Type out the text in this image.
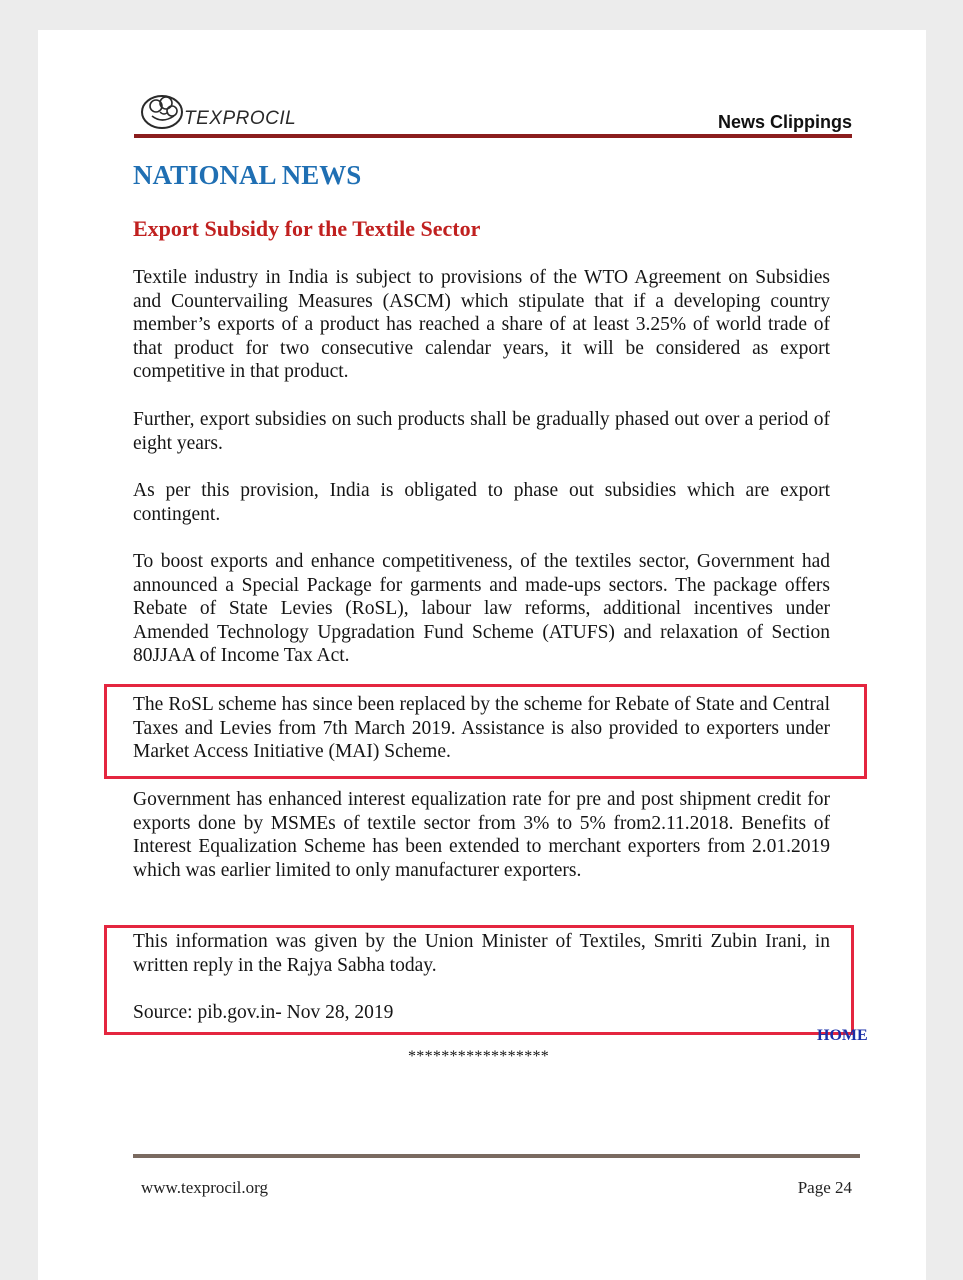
TEXPROCIL	News Clippings
NATIONAL NEWS
Export Subsidy for the Textile Sector

Textile industry in India is subject to provisions of the WTO Agreement on Subsidies and Countervailing Measures (ASCM) which stipulate that if a developing country member’s exports of a product has reached a share of at least 3.25% of world trade of that product for two consecutive calendar years, it will be considered as export competitive in that product.

Further, export subsidies on such products shall be gradually phased out over a period of eight years.

As per this provision, India is obligated to phase out subsidies which are export contingent.

To boost exports and enhance competitiveness, of the textiles sector, Government had announced a Special Package for garments and made-ups sectors. The package offers Rebate of State Levies (RoSL), labour law reforms, additional incentives under Amended Technology Upgradation Fund Scheme (ATUFS) and relaxation of Section 80JJAA of Income Tax Act.

The RoSL scheme has since been replaced by the scheme for Rebate of State and Central Taxes and Levies from 7th March 2019. Assistance is also provided to exporters under Market Access Initiative (MAI) Scheme.

Government has enhanced interest equalization rate for pre and post shipment credit for exports done by MSMEs of textile sector from 3% to 5% from2.11.2018. Benefits of Interest Equalization Scheme has been extended to merchant exporters from 2.01.2019 which was earlier limited to only manufacturer exporters.

This information was given by the Union Minister of Textiles, Smriti Zubin Irani, in written reply in the Rajya Sabha today.

Source: pib.gov.in- Nov 28, 2019

HOME
*****************
www.texprocil.org	Page 24
